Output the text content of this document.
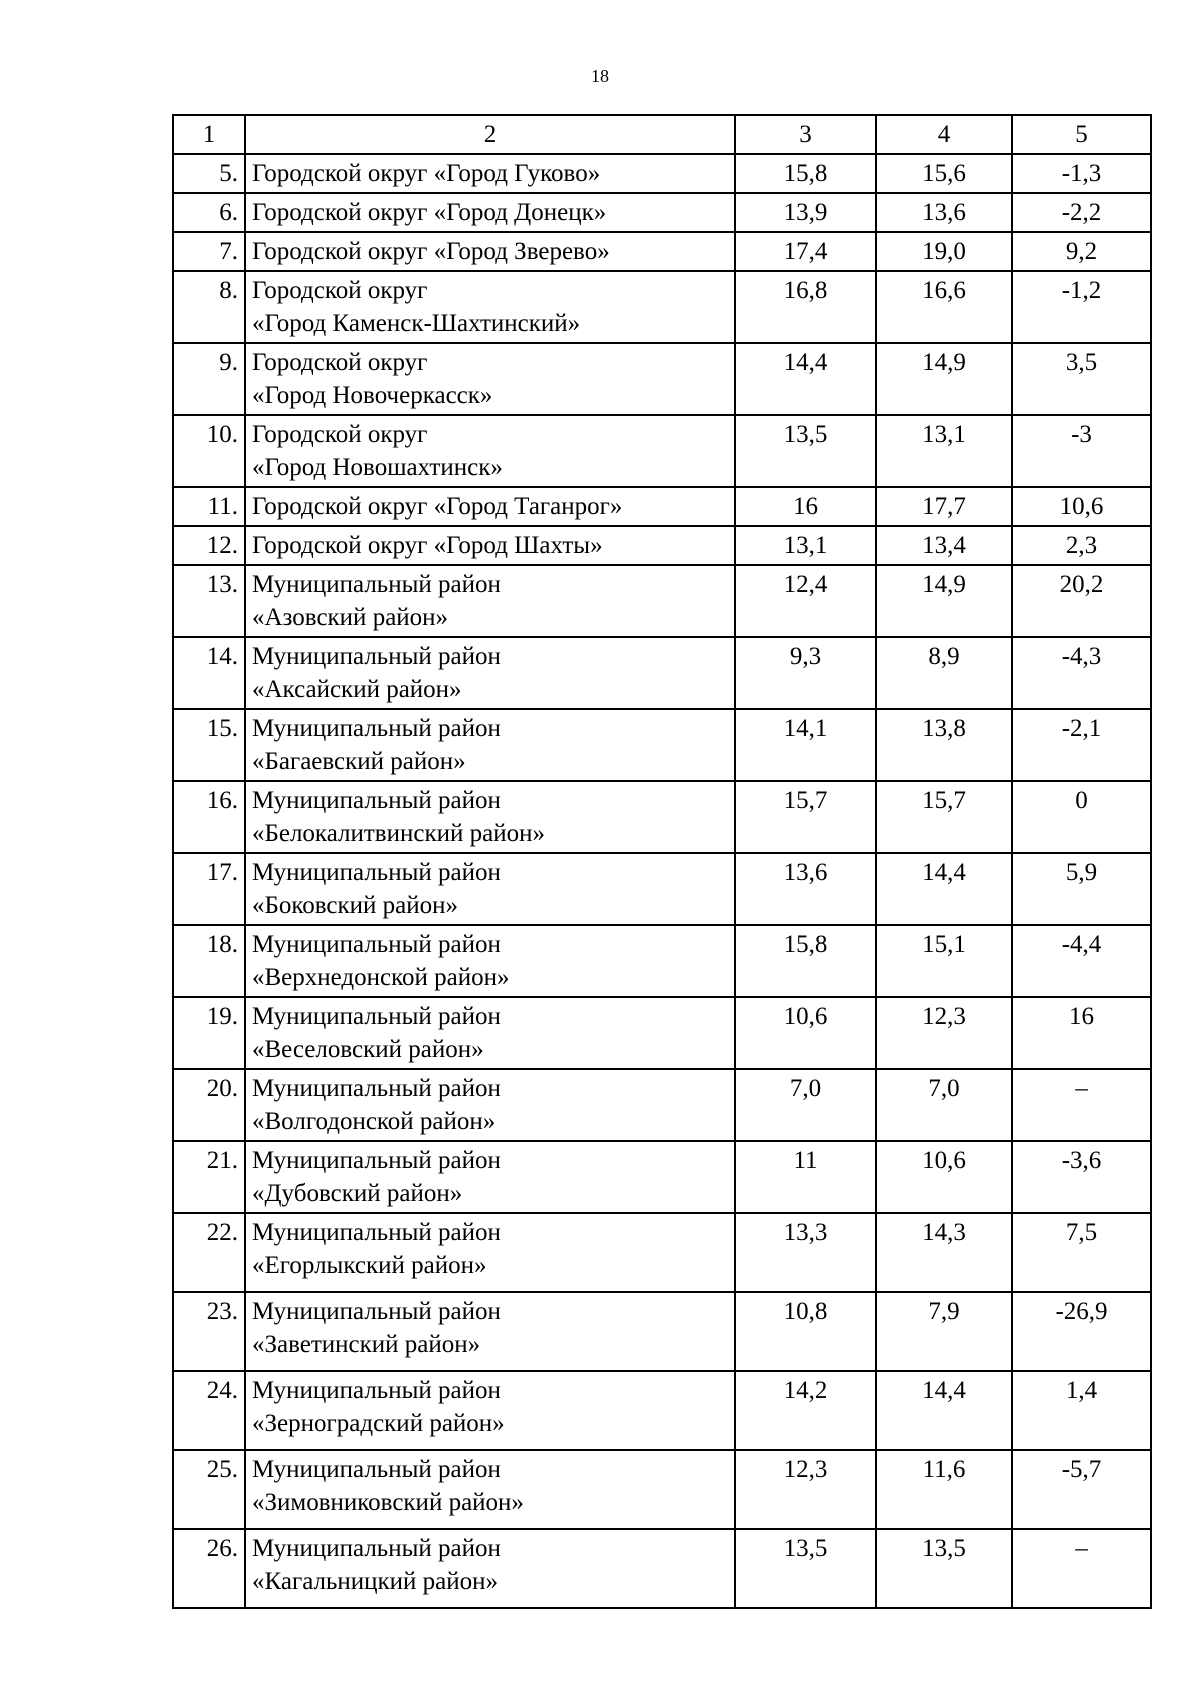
18
1	2	3	4	5
5.	Городской округ «Город Гуково»	15,8	15,6	-1,3
6.	Городской округ «Город Донецк»	13,9	13,6	-2,2
7.	Городской округ «Город Зверево»	17,4	19,0	9,2
8.	Городской округ
«Город Каменск-Шахтинский»	16,8	16,6	-1,2
9.	Городской округ
«Город Новочеркасск»	14,4	14,9	3,5
10.	Городской округ
«Город Новошахтинск»	13,5	13,1	-3
11.	Городской округ «Город Таганрог»	16	17,7	10,6
12.	Городской округ «Город Шахты»	13,1	13,4	2,3
13.	Муниципальный район
«Азовский район»	12,4	14,9	20,2
14.	Муниципальный район
«Аксайский район»	9,3	8,9	-4,3
15.	Муниципальный район
«Багаевский район»	14,1	13,8	-2,1
16.	Муниципальный район
«Белокалитвинский район»	15,7	15,7	0
17.	Муниципальный район
«Боковский район»	13,6	14,4	5,9
18.	Муниципальный район
«Верхнедонской район»	15,8	15,1	-4,4
19.	Муниципальный район
«Веселовский район»	10,6	12,3	16
20.	Муниципальный район
«Волгодонской район»	7,0	7,0	–
21.	Муниципальный район
«Дубовский район»	11	10,6	-3,6
22.	Муниципальный район
«Егорлыкский район»	13,3	14,3	7,5
23.	Муниципальный район
«Заветинский район»	10,8	7,9	-26,9
24.	Муниципальный район
«Зерноградский район»	14,2	14,4	1,4
25.	Муниципальный район
«Зимовниковский район»	12,3	11,6	-5,7
26.	Муниципальный район
«Кагальницкий район»	13,5	13,5	–
